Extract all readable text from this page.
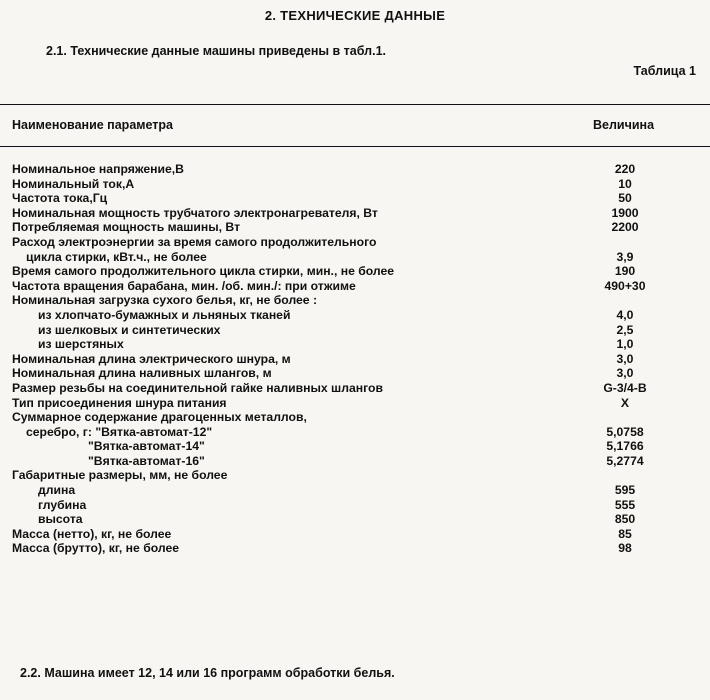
2. ТЕХНИЧЕСКИЕ ДАННЫЕ
2.1. Технические данные машины приведены в табл.1.
Таблица 1
Наименование параметра	Величина
Номинальное напряжение,В	220
Номинальный ток,А	10
Частота тока,Гц	50
Номинальная мощность трубчатого электронагревателя, Вт	1900
Потребляемая мощность машины, Вт	2200
Расход электроэнергии за время самого продолжительного
цикла стирки, кВт.ч., не более	3,9
Время самого продолжительного цикла стирки, мин., не более	190
Частота вращения барабана, мин. /об. мин./: при отжиме	490+30
Номинальная загрузка сухого белья, кг, не более :
из хлопчато-бумажных и льняных тканей	4,0
из шелковых и синтетических	2,5
из шерстяных	1,0
Номинальная длина электрического шнура, м	3,0
Номинальная длина наливных шлангов, м	3,0
Размер резьбы на соединительной гайке наливных шлангов	G-3/4-B
Тип присоединения шнура питания	X
Суммарное содержание драгоценных металлов,
серебро, г: "Вятка-автомат-12"	5,0758
"Вятка-автомат-14"	5,1766
"Вятка-автомат-16"	5,2774
Габаритные размеры, мм, не более
длина	595
глубина	555
высота	850
Масса (нетто), кг, не более	85
Масса (брутто), кг, не более	98
2.2. Машина имеет 12, 14 или 16 программ обработки белья.
